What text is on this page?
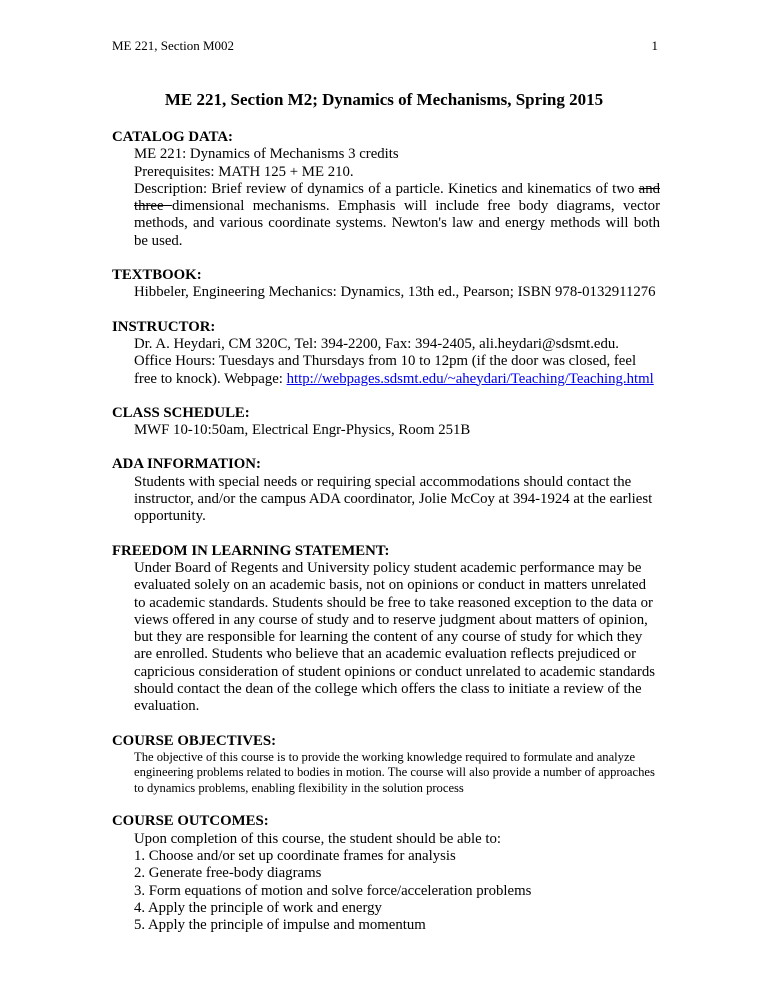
ME 221, Section M002	1
ME 221, Section M2; Dynamics of Mechanisms, Spring 2015
CATALOG DATA:

ME 221: Dynamics of Mechanisms 3 credits

Prerequisites: MATH 125 + ME 210.

Description: Brief review of dynamics of a particle. Kinetics and kinematics of two and three dimensional mechanisms. Emphasis will include free body diagrams, vector methods, and various coordinate systems. Newton's law and energy methods will both be used.

TEXTBOOK:

Hibbeler, Engineering Mechanics: Dynamics, 13th ed., Pearson; ISBN 978-0132911276

INSTRUCTOR:

Dr. A. Heydari, CM 320C, Tel: 394-2200, Fax: 394-2405, ali.heydari@sdsmt.edu.

Office Hours: Tuesdays and Thursdays from 10 to 12pm (if the door was closed, feel free to knock). Webpage: http://webpages.sdsmt.edu/~aheydari/Teaching/Teaching.html

CLASS SCHEDULE:

MWF 10-10:50am, Electrical Engr-Physics, Room 251B

ADA INFORMATION:

Students with special needs or requiring special accommodations should contact the instructor, and/or the campus ADA coordinator, Jolie McCoy at 394-1924 at the earliest opportunity.

FREEDOM IN LEARNING STATEMENT:

Under Board of Regents and University policy student academic performance may be evaluated solely on an academic basis, not on opinions or conduct in matters unrelated to academic standards. Students should be free to take reasoned exception to the data or views offered in any course of study and to reserve judgment about matters of opinion, but they are responsible for learning the content of any course of study for which they are enrolled. Students who believe that an academic evaluation reflects prejudiced or capricious consideration of student opinions or conduct unrelated to academic standards should contact the dean of the college which offers the class to initiate a review of the evaluation.

COURSE OBJECTIVES:

The objective of this course is to provide the working knowledge required to formulate and analyze engineering problems related to bodies in motion. The course will also provide a number of approaches to dynamics problems, enabling flexibility in the solution process

COURSE OUTCOMES:

Upon completion of this course, the student should be able to:

1. Choose and/or set up coordinate frames for analysis
2. Generate free-body diagrams
3. Form equations of motion and solve force/acceleration problems
4. Apply the principle of work and energy
5. Apply the principle of impulse and momentum
